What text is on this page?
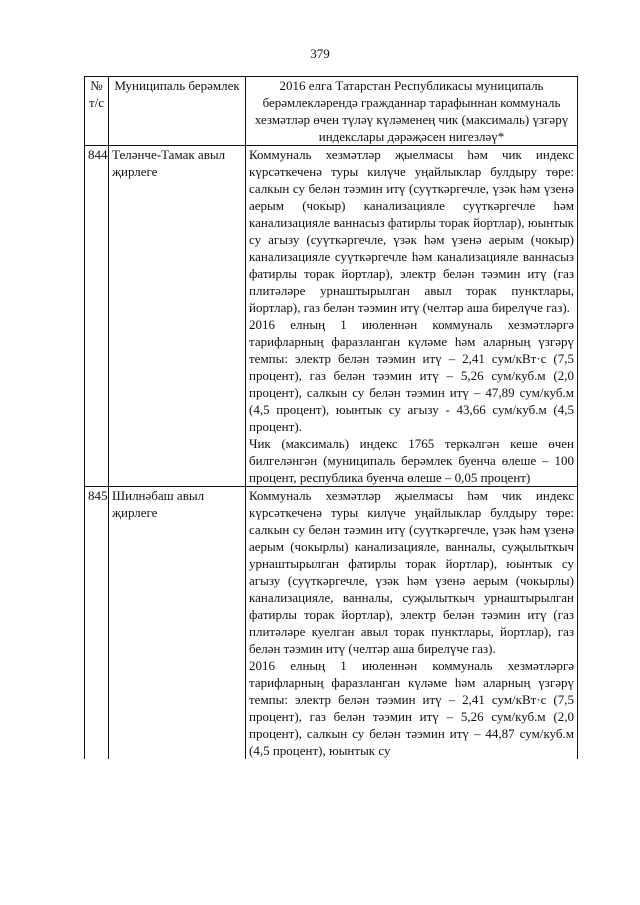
379
№ т/с	Муниципаль берәмлек	2016 елга Татарстан Республикасы муниципаль берәмлекләрендә гражданнар тарафыннан коммуналь хезмәтләр өчен түләү күләменең чик (максималь) үзгәрү индекслары дәрәҗәсен нигезләү*
844	Теләнче-Тамак авыл җирлеге	Коммуналь хезмәтләр җыелмасы һәм чик индекс күрсәткеченә туры килүче уңайлыклар булдыру төре: салкын су белән тәэмин итү (суүткәргечле, үзәк һәм үзенә аерым (чокыр) канализацияле суүткәргечле һәм канализацияле ваннасыз фатирлы торак йортлар), юынтык су агызу (суүткәргечле, үзәк һәм үзенә аерым (чокыр) канализацияле суүткәргечле һәм канализацияле ваннасыз фатирлы торак йортлар), электр белән тәэмин итү (газ плитәләре урнаштырылган авыл торак пунктлары, йортлар), газ белән тәэмин итү (челтәр аша бирелүче газ).

2016 елның 1 июленнән коммуналь хезмәтләргә тарифларның фаразланган күләме һәм аларның үзгәрү темпы: электр белән тәэмин итү – 2,41 сум/кВт·с (7,5 процент), газ белән тәэмин итү – 5,26 сум/куб.м (2,0 процент), салкын су белән тәэмин итү – 47,89 сум/куб.м (4,5 процент), юынтык су агызу - 43,66 сум/куб.м (4,5 процент).

Чик (максималь) индекс 1765 теркәлгән кеше өчен билгеләнгән (муниципаль берәмлек буенча өлеше – 100 процент, республика буенча өлеше – 0,05 процент)

845	Шилнәбаш авыл җирлеге	Коммуналь хезмәтләр җыелмасы һәм чик индекс күрсәткеченә туры килүче уңайлыклар булдыру төре: салкын су белән тәэмин итү (суүткәргечле, үзәк һәм үзенә аерым (чокырлы) канализацияле, ванналы, суҗылыткыч урнаштырылган фатирлы торак йортлар), юынтык су агызу (суүткәргечле, үзәк һәм үзенә аерым (чокырлы) канализацияле, ванналы, суҗылыткыч урнаштырылган фатирлы торак йортлар), электр белән тәэмин итү (газ плитәләре куелган авыл торак пунктлары, йортлар), газ белән тәэмин итү (челтәр аша бирелүче газ).

2016 елның 1 июленнән коммуналь хезмәтләргә тарифларның фаразланган күләме һәм аларның үзгәрү темпы: электр белән тәэмин итү – 2,41 сум/кВт·с (7,5 процент), газ белән тәэмин итү – 5,26 сум/куб.м (2,0 процент), салкын су белән тәэмин итү – 44,87 сум/куб.м (4,5 процент), юынтык су
